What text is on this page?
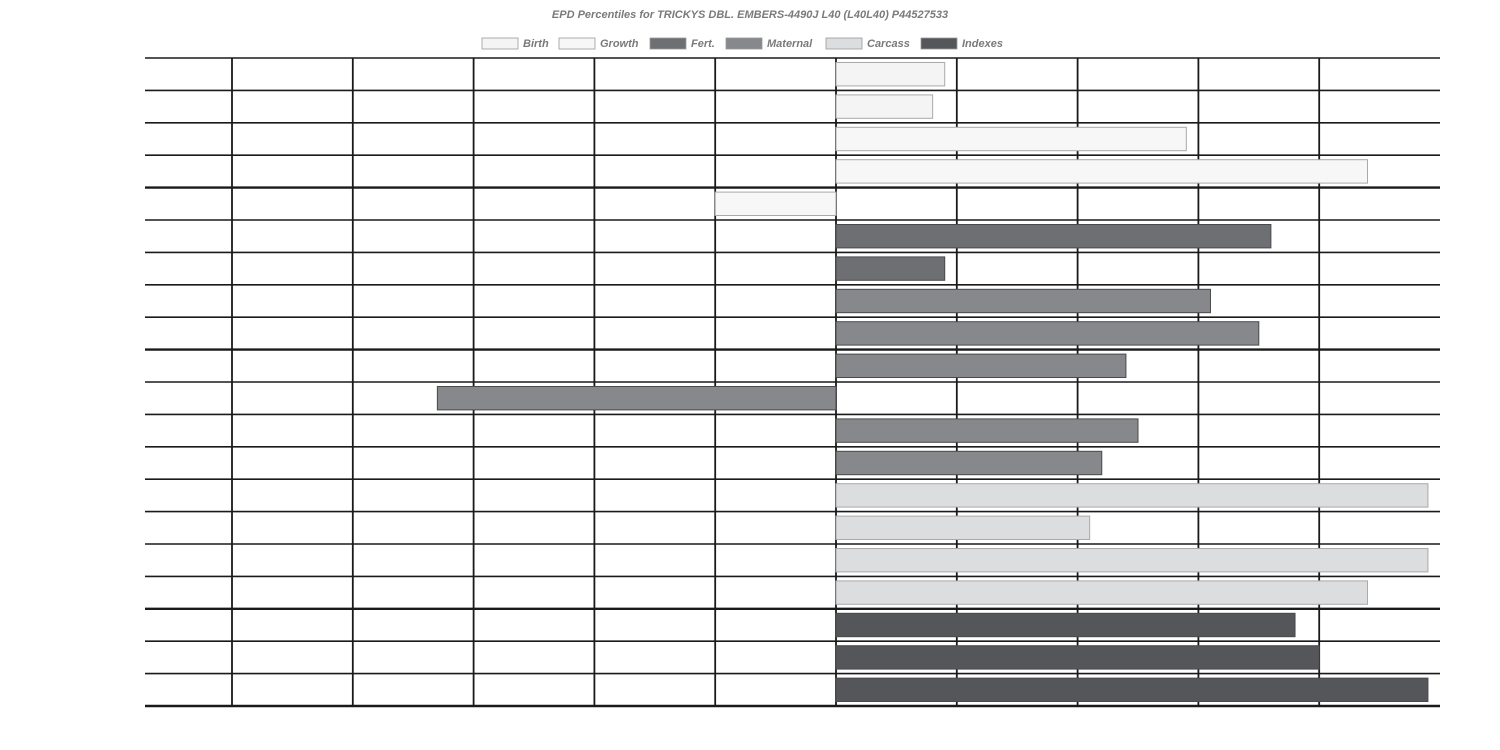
EPD Percentiles for TRICKYS DBL. EMBERS-4490J L40 (L40L40) P44527533
Birth	Growth	Fert.	Maternal	Carcass	Indexes
